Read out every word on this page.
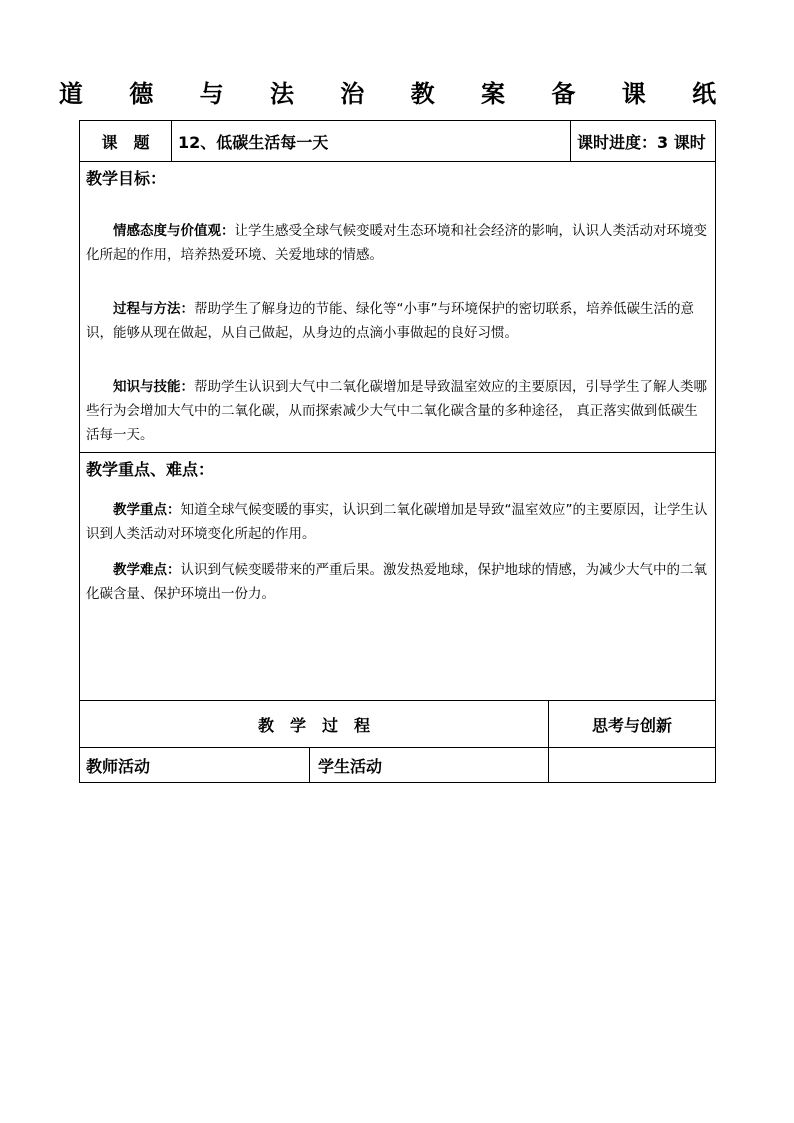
道 德 与 法 治 教 案 备 课 纸
课　题 12、低碳生活每一天	课时进度： 3 课时
教学目标：

情感态度与价值观：让学生感受全球气候变暖对生态环境和社会经济的影响，认识人类活动对环境变化所起的作用，培养热爱环境、关爱地球的情感。

过程与方法：帮助学生了解身边的节能、绿化等“小事”与环境保护的密切联系，培养低碳生活的意识，能够从现在做起，从自己做起，从身边的点滴小事做起的良好习惯。

知识与技能：帮助学生认识到大气中二氧化碳增加是导致温室效应的主要原因，引导学生了解人类哪些行为会增加大气中的二氧化碳，从而探索减少大气中二氧化碳含量的多种途径， 真正落实做到低碳生活每一天。

教学重点、难点：

教学重点：知道全球气候变暖的事实，认识到二氧化碳增加是导致“温室效应”的主要原因，让学生认识到人类活动对环境变化所起的作用。

教学难点：认识到气候变暖带来的严重后果。激发热爱地球，保护地球的情感，为减少大气中的二氧化碳含量、保护环境出一份力。

教　学　过　程	思考与创新
教师活动	学生活动
